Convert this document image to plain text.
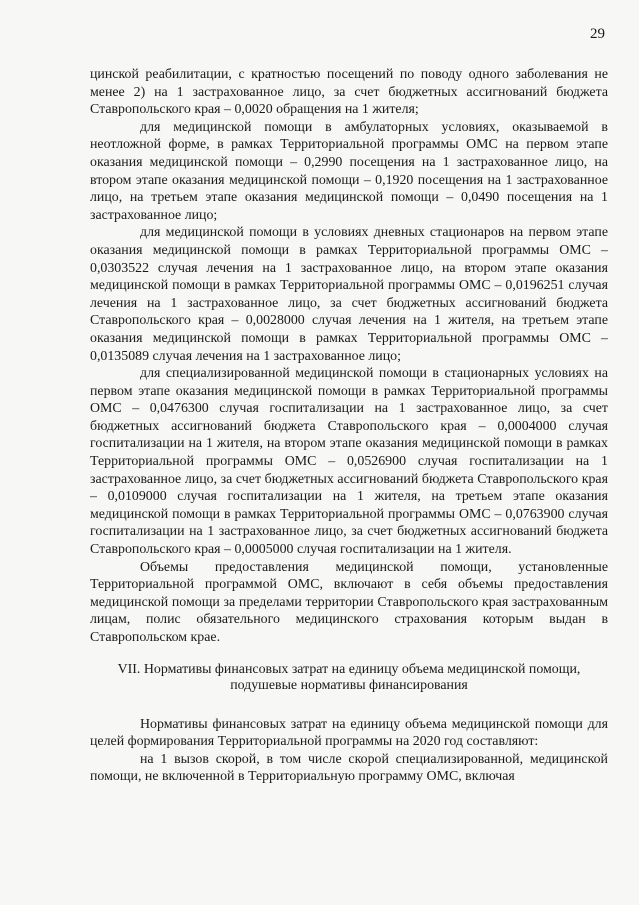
29

цинской реабилитации, с кратностью посещений по поводу одного заболевания не менее 2) на 1 застрахованное лицо, за счет бюджетных ассигнований бюджета Ставропольского края – 0,0020 обращения на 1 жителя;

для медицинской помощи в амбулаторных условиях, оказываемой в неотложной форме, в рамках Территориальной программы ОМС на первом этапе оказания медицинской помощи – 0,2990 посещения на 1 застрахованное лицо, на втором этапе оказания медицинской помощи – 0,1920 посещения на 1 застрахованное лицо, на третьем этапе оказания медицинской помощи – 0,0490 посещения на 1 застрахованное лицо;

для медицинской помощи в условиях дневных стационаров на первом этапе оказания медицинской помощи в рамках Территориальной программы ОМС – 0,0303522 случая лечения на 1 застрахованное лицо, на втором этапе оказания медицинской помощи в рамках Территориальной программы ОМС – 0,0196251 случая лечения на 1 застрахованное лицо, за счет бюджетных ассигнований бюджета Ставропольского края – 0,0028000 случая лечения на 1 жителя, на третьем этапе оказания медицинской помощи в рамках Территориальной программы ОМС – 0,0135089 случая лечения на 1 застрахованное лицо;

для специализированной медицинской помощи в стационарных условиях на первом этапе оказания медицинской помощи в рамках Территориальной программы ОМС – 0,0476300 случая госпитализации на 1 застрахованное лицо, за счет бюджетных ассигнований бюджета Ставропольского края – 0,0004000 случая госпитализации на 1 жителя, на втором этапе оказания медицинской помощи в рамках Территориальной программы ОМС – 0,0526900 случая госпитализации на 1 застрахованное лицо, за счет бюджетных ассигнований бюджета Ставропольского края – 0,0109000 случая госпитализации на 1 жителя, на третьем этапе оказания медицинской помощи в рамках Территориальной программы ОМС – 0,0763900 случая госпитализации на 1 застрахованное лицо, за счет бюджетных ассигнований бюджета Ставропольского края – 0,0005000 случая госпитализации на 1 жителя.

Объемы предоставления медицинской помощи, установленные Территориальной программой ОМС, включают в себя объемы предоставления медицинской помощи за пределами территории Ставропольского края застрахованным лицам, полис обязательного медицинского страхования которым выдан в Ставропольском крае.

VII. Нормативы финансовых затрат на единицу объема медицинской помощи, подушевые нормативы финансирования

Нормативы финансовых затрат на единицу объема медицинской помощи для целей формирования Территориальной программы на 2020 год составляют:

на 1 вызов скорой, в том числе скорой специализированной, медицинской помощи, не включенной в Территориальную программу ОМС, включая
